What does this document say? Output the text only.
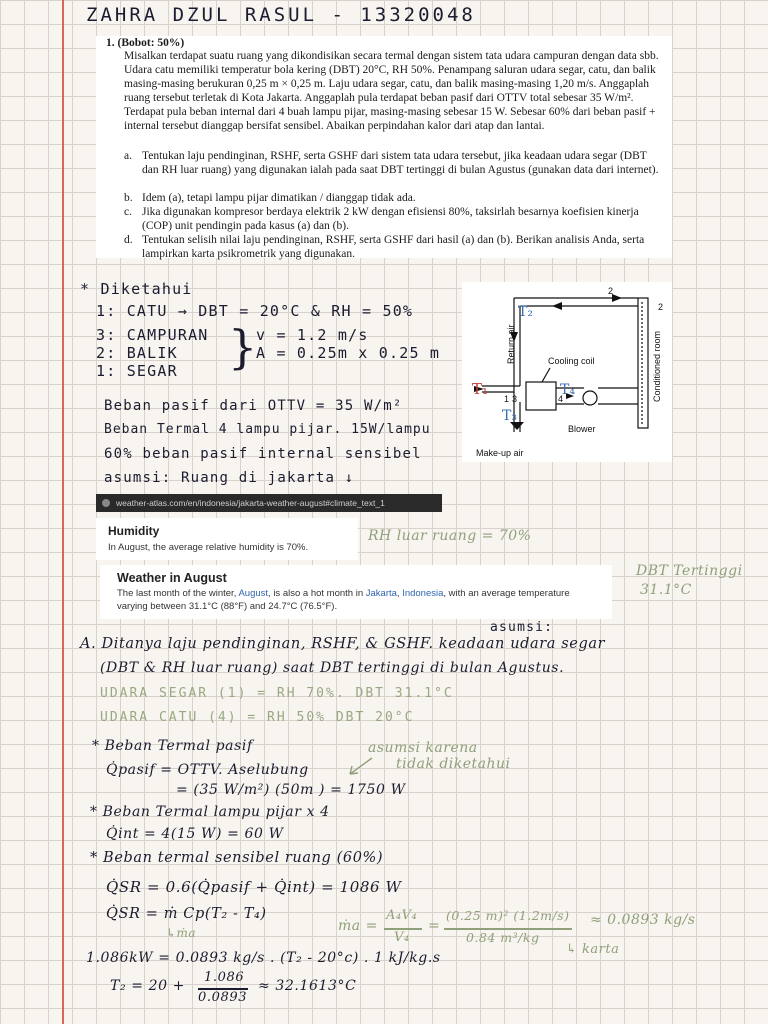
ZAHRA DZUL RASUL - 13320048
1. (Bobot: 50%)

Misalkan terdapat suatu ruang yang dikondisikan secara termal dengan sistem tata udara campuran dengan data sbb. Udara catu memiliki temperatur bola kering (DBT) 20°C, RH 50%. Penampang saluran udara segar, catu, dan balik masing-masing berukuran 0,25 m × 0,25 m. Laju udara segar, catu, dan balik masing-masing 1,20 m/s. Anggaplah ruang tersebut terletak di Kota Jakarta. Anggaplah pula terdapat beban pasif dari OTTV total sebesar 35 W/m². Terdapat pula beban internal dari 4 buah lampu pijar, masing-masing sebesar 15 W. Sebesar 60% dari beban pasif + internal tersebut dianggap bersifat sensibel. Abaikan perpindahan kalor dari atap dan lantai.

a. Tentukan laju pendinginan, RSHF, serta GSHF dari sistem tata udara tersebut, jika keadaan udara segar (DBT dan RH luar ruang) yang digunakan ialah pada saat DBT tertinggi di bulan Agustus (gunakan data dari internet).
b. Idem (a), tetapi lampu pijar dimatikan / dianggap tidak ada.
c. Jika digunakan kompresor berdaya elektrik 2 kW dengan efisiensi 80%, taksirlah besarnya koefisien kinerja (COP) unit pendingin pada kasus (a) dan (b).
d. Tentukan selisih nilai laju pendinginan, RSHF, serta GSHF dari hasil (a) dan (b). Berikan analisis Anda, serta lampirkan karta psikrometrik yang digunakan.
* Diketahui
1: CATU → DBT = 20°C & RH = 50%
3: CAMPURAN
2: BALIK
1: SEGAR }
v = 1.2 m/s
A = 0.25m x 0.25 m
Beban pasif dari OTTV = 35 W/m²
Beban Termal 4 lampu pijar. 15W/lampu
60% beban pasif internal sensibel
asumsi: Ruang di jakarta ↓
T₂
Return air	Cooling coil	Conditioned room
T₁
T₃
T₄
1
2
2
3	4
Blower
Make-up air
weather-atlas.com/en/indonesia/jakarta-weather-august#climate_text_1
Humidity
In August, the average relative humidity is 70%.
RH luar ruang = 70%
Weather in August
The last month of the winter, August, is also a hot month in Jakarta, Indonesia, with an average temperature varying between 31.1°C (88°F) and 24.7°C (76.5°F).
DBT Tertinggi
31.1°C
asumsi:
A. Ditanya laju pendinginan, RSHF, & GSHF. keadaan udara segar
(DBT & RH luar ruang) saat DBT tertinggi di bulan Agustus.
UDARA SEGAR (1) = RH 70%. DBT 31.1°C
UDARA CATU (4) = RH 50% DBT 20°C
* Beban Termal pasif
Q̇pasif = OTTV. Aselubung
= (35 W/m²) (50m ) = 1750 W
asumsi karena
tidak diketahui
* Beban Termal lampu pijar x 4
Q̇int = 4(15 W) = 60 W
* Beban termal sensibel ruang (60%)
Q̇SR = 0.6(Q̇pasif + Q̇int) = 1086 W
Q̇SR = ṁ Cp(T₂ - T₄)
↳ṁa	ṁa =
A₄V₄
V₄
=
(0.25 m)² (1.2m/s)
0.84 m³/kg
≈ 0.0893 kg/s
↳ karta
1.086kW = 0.0893 kg/s . (T₂ - 20°c) . 1 kJ/kg.s
T₂ = 20 +
1.086
0.0893
≈ 32.1613°C
